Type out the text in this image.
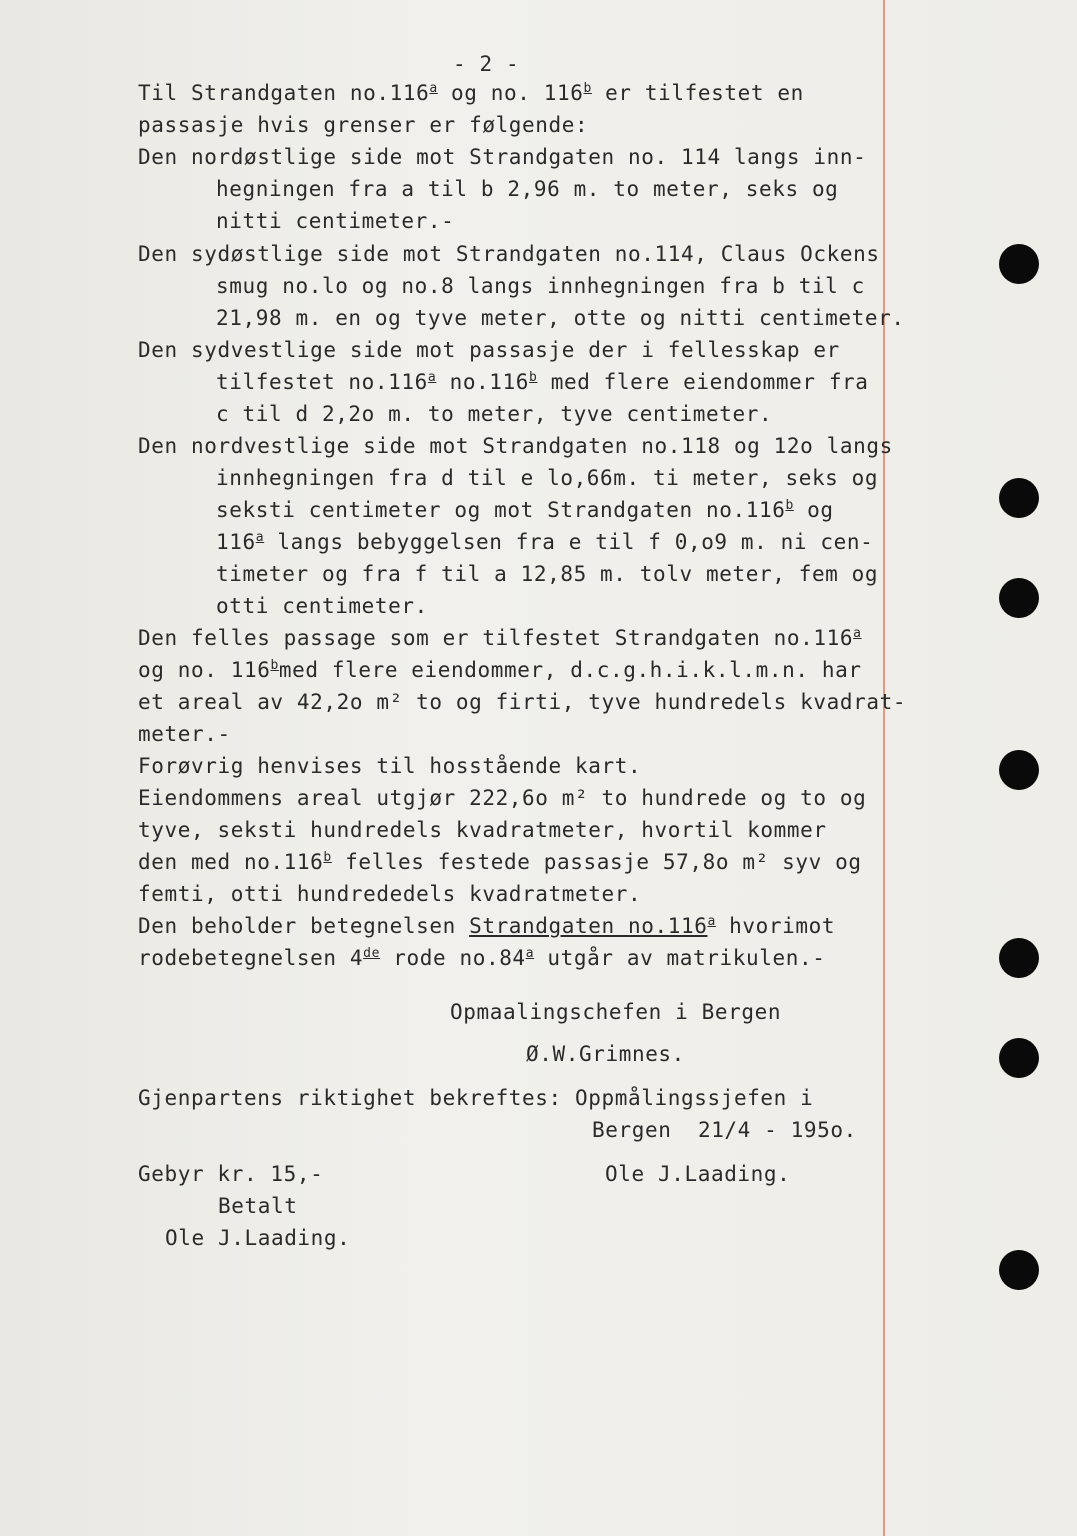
- 2 -

Til Strandgaten no.116$^a$ og no. 116$^b$ er tilfestet en

passasje hvis grenser er følgende:

Den nordøstlige side mot Strandgaten no. 114 langs inn-

hegningen fra a til b 2,96 m. to meter, seks og

nitti centimeter.-

Den sydøstlige side mot Strandgaten no.114, Claus Ockens

smug no.lo og no.8 langs innhegningen fra b til c

21,98 m. en og tyve meter, otte og nitti centimeter.

Den sydvestlige side mot passasje der i fellesskap er

tilfestet no.116$^a$ no.116$^b$ med flere eiendommer fra

c til d 2,2o m. to meter, tyve centimeter.

Den nordvestlige side mot Strandgaten no.118 og 12o langs

innhegningen fra d til e lo,66m. ti meter, seks og

seksti centimeter og mot Strandgaten no.116$^b$ og

116$^a$ langs bebyggelsen fra e til f 0,o9 m. ni cen-

timeter og fra f til a 12,85 m. tolv meter, fem og

otti centimeter.

Den felles passage som er tilfestet Strandgaten no.116$^a$

og no. 116$^b$med flere eiendommer, d.c.g.h.i.k.l.m.n. har

et areal av 42,2o m² to og firti, tyve hundredels kvadrat-

meter.-

Forøvrig henvises til hosstående kart.

Eiendommens areal utgjør 222,6o m² to hundrede og to og

tyve, seksti hundredels kvadratmeter, hvortil kommer

den med no.116$^b$ felles festede passasje 57,8o m² syv og

femti, otti hundrededels kvadratmeter.

Den beholder betegnelsen Strandgaten no.116$^a$ hvorimot

rodebetegnelsen 4de rode no.84$^a$ utgår av matrikulen.-

Opmaalingschefen i Bergen

Ø.W.Grimnes.

Gjenpartens riktighet bekreftes: Oppmålingssjefen i

Bergen  21/4 - 195o.

Ole J.Laading.

Gebyr kr. 15,-

Betalt

Ole J.Laading.
